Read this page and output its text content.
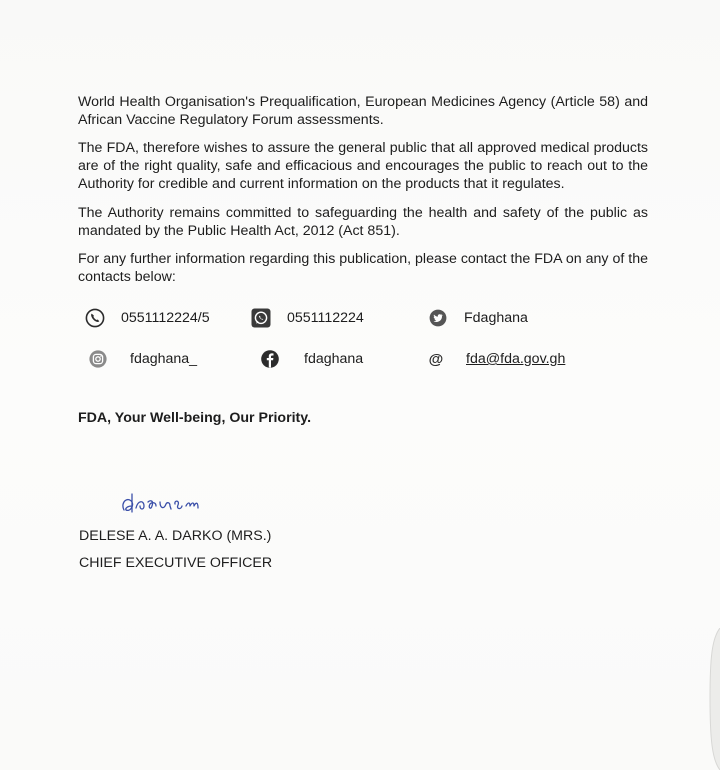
World Health Organisation's Prequalification, European Medicines Agency (Article 58) and African Vaccine Regulatory Forum assessments.

The FDA, therefore wishes to assure the general public that all approved medical products are of the right quality, safe and efficacious and encourages the public to reach out to the Authority for credible and current information on the products that it regulates.

The Authority remains committed to safeguarding the health and safety of the public as mandated by the Public Health Act, 2012 (Act 851).

For any further information regarding this publication, please contact the FDA on any of the contacts below:

0551112224/5	0551112224	Fdaghana
fdaghana_	fdaghana	@ fda@fda.gov.gh
FDA, Your Well-being, Our Priority.
DELESE A. A. DARKO (MRS.)
CHIEF EXECUTIVE OFFICER
